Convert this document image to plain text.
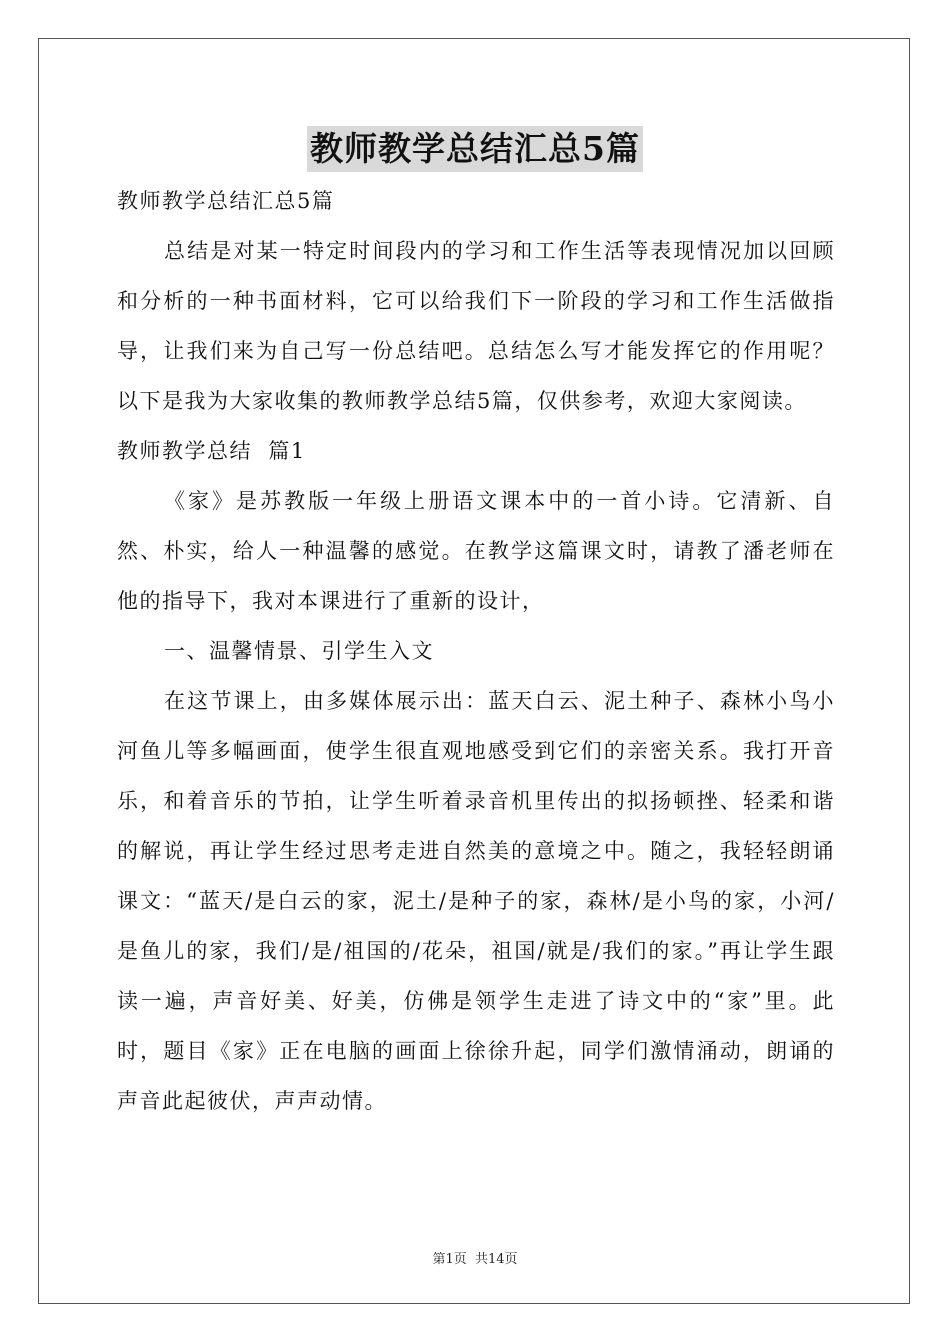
教师教学总结汇总5篇

教师教学总结汇总5篇

总结是对某一特定时间段内的学习和工作生活等表现情况加以回顾和分析的一种书面材料，它可以给我们下一阶段的学习和工作生活做指导，让我们来为自己写一份总结吧。总结怎么写才能发挥它的作用呢？以下是我为大家收集的教师教学总结5篇，仅供参考，欢迎大家阅读。

教师教学总结  篇1

《家》是苏教版一年级上册语文课本中的一首小诗。它清新、自然、朴实，给人一种温馨的感觉。在教学这篇课文时，请教了潘老师在他的指导下，我对本课进行了重新的设计，

一、温馨情景、引学生入文

在这节课上，由多媒体展示出：蓝天白云、泥土种子、森林小鸟小河鱼儿等多幅画面，使学生很直观地感受到它们的亲密关系。我打开音乐，和着音乐的节拍，让学生听着录音机里传出的拟扬顿挫、轻柔和谐的解说，再让学生经过思考走进自然美的意境之中。随之，我轻轻朗诵课文：“蓝天/是白云的家，泥土/是种子的家，森林/是小鸟的家，小河/是鱼儿的家，我们/是/祖国的/花朵，祖国/就是/我们的家。”再让学生跟读一遍，声音好美、好美，仿佛是领学生走进了诗文中的“家”里。此时，题目《家》正在电脑的画面上徐徐升起，同学们激情涌动，朗诵的声音此起彼伏，声声动情。

第1页  共14页
